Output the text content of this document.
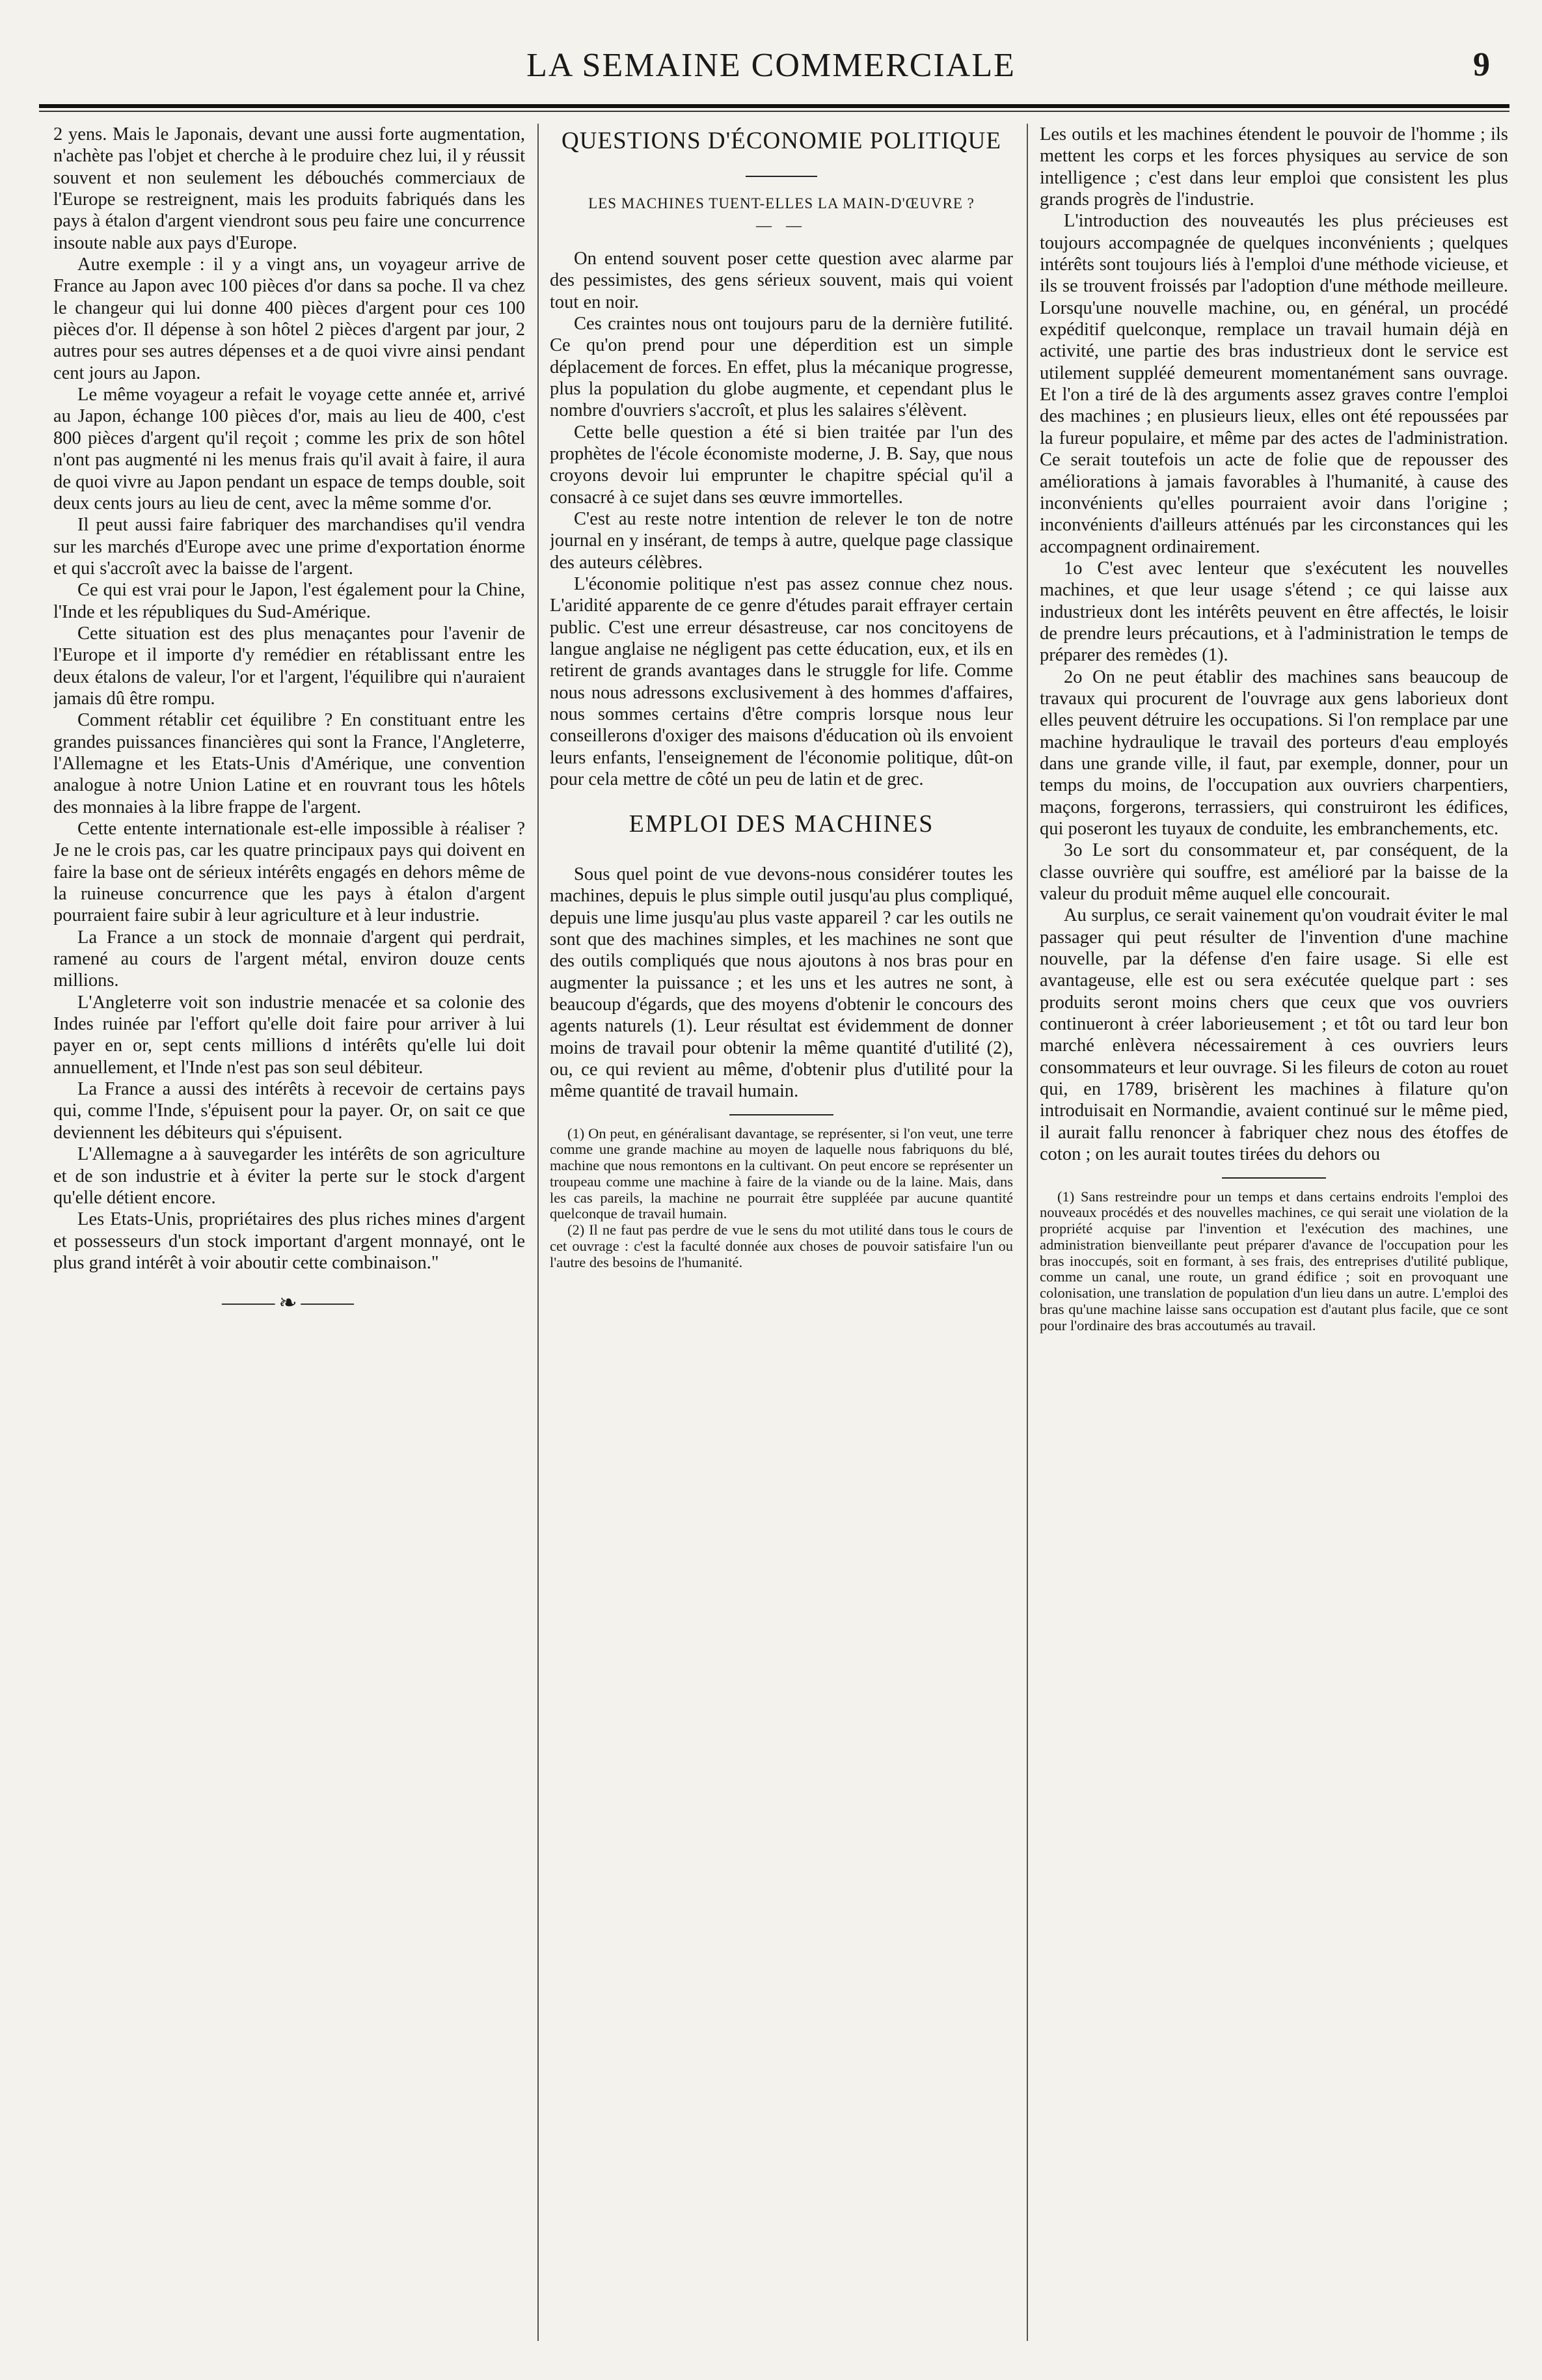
LA SEMAINE COMMERCIALE	9

2 yens. Mais le Japonais, devant une aussi forte augmentation, n'achète pas l'objet et cherche à le produire chez lui, il y réussit souvent et non seulement les débouchés commerciaux de l'Europe se restreignent, mais les produits fabriqués dans les pays à étalon d'argent viendront sous peu faire une concurrence insoute nable aux pays d'Europe.

Autre exemple : il y a vingt ans, un voyageur arrive de France au Japon avec 100 pièces d'or dans sa poche. Il va chez le changeur qui lui donne 400 pièces d'argent pour ces 100 pièces d'or. Il dépense à son hôtel 2 pièces d'argent par jour, 2 autres pour ses autres dépenses et a de quoi vivre ainsi pendant cent jours au Japon.

Le même voyageur a refait le voyage cette année et, arrivé au Japon, échange 100 pièces d'or, mais au lieu de 400, c'est 800 pièces d'argent qu'il reçoit ; comme les prix de son hôtel n'ont pas augmenté ni les menus frais qu'il avait à faire, il aura de quoi vivre au Japon pendant un espace de temps double, soit deux cents jours au lieu de cent, avec la même somme d'or.

Il peut aussi faire fabriquer des marchandises qu'il vendra sur les marchés d'Europe avec une prime d'exportation énorme et qui s'accroît avec la baisse de l'argent.

Ce qui est vrai pour le Japon, l'est également pour la Chine, l'Inde et les républiques du Sud-Amérique.

Cette situation est des plus menaçantes pour l'avenir de l'Europe et il importe d'y remédier en rétablissant entre les deux étalons de valeur, l'or et l'argent, l'équilibre qui n'auraient jamais dû être rompu.

Comment rétablir cet équilibre ? En constituant entre les grandes puissances financières qui sont la France, l'Angleterre, l'Allemagne et les Etats-Unis d'Amérique, une convention analogue à notre Union Latine et en rouvrant tous les hôtels des monnaies à la libre frappe de l'argent.

Cette entente internationale est-elle impossible à réaliser ? Je ne le crois pas, car les quatre principaux pays qui doivent en faire la base ont de sérieux intérêts engagés en dehors même de la ruineuse concurrence que les pays à étalon d'argent pourraient faire subir à leur agriculture et à leur industrie.

La France a un stock de monnaie d'argent qui perdrait, ramené au cours de l'argent métal, environ douze cents millions.

L'Angleterre voit son industrie menacée et sa colonie des Indes ruinée par l'effort qu'elle doit faire pour arriver à lui payer en or, sept cents millions d intérêts qu'elle lui doit annuellement, et l'Inde n'est pas son seul débiteur.

La France a aussi des intérêts à recevoir de certains pays qui, comme l'Inde, s'épuisent pour la payer. Or, on sait ce que deviennent les débiteurs qui s'épuisent.

L'Allemagne a à sauvegarder les intérêts de son agriculture et de son industrie et à éviter la perte sur le stock d'argent qu'elle détient encore.

Les Etats-Unis, propriétaires des plus riches mines d'argent et possesseurs d'un stock important d'argent monnayé, ont le plus grand intérêt à voir aboutir cette combinaison."

⸻❧⸻
QUESTIONS D'ÉCONOMIE POLITIQUE
LES MACHINES TUENT-ELLES LA MAIN-D'ŒUVRE ?
— —

On entend souvent poser cette question avec alarme par des pessimistes, des gens sérieux souvent, mais qui voient tout en noir.

Ces craintes nous ont toujours paru de la dernière futilité. Ce qu'on prend pour une déperdition est un simple déplacement de forces. En effet, plus la mécanique progresse, plus la population du globe augmente, et cependant plus le nombre d'ouvriers s'accroît, et plus les salaires s'élèvent.

Cette belle question a été si bien traitée par l'un des prophètes de l'école économiste moderne, J. B. Say, que nous croyons devoir lui emprunter le chapitre spécial qu'il a consacré à ce sujet dans ses œuvre immortelles.

C'est au reste notre intention de relever le ton de notre journal en y insérant, de temps à autre, quelque page classique des auteurs célèbres.

L'économie politique n'est pas assez connue chez nous. L'aridité apparente de ce genre d'études parait effrayer certain public. C'est une erreur désastreuse, car nos concitoyens de langue anglaise ne négligent pas cette éducation, eux, et ils en retirent de grands avantages dans le struggle for life. Comme nous nous adressons exclusivement à des hommes d'affaires, nous sommes certains d'être compris lorsque nous leur conseillerons d'oxiger des maisons d'éducation où ils envoient leurs enfants, l'enseignement de l'économie politique, dût-on pour cela mettre de côté un peu de latin et de grec.

EMPLOI DES MACHINES

Sous quel point de vue devons-nous considérer toutes les machines, depuis le plus simple outil jusqu'au plus compliqué, depuis une lime jusqu'au plus vaste appareil ? car les outils ne sont que des machines simples, et les machines ne sont que des outils compliqués que nous ajoutons à nos bras pour en augmenter la puissance ; et les uns et les autres ne sont, à beaucoup d'égards, que des moyens d'obtenir le concours des agents naturels (1). Leur résultat est évidemment de donner moins de travail pour obtenir la même quantité d'utilité (2), ou, ce qui revient au même, d'obtenir plus d'utilité pour la même quantité de travail humain.

(1) On peut, en généralisant davantage, se représenter, si l'on veut, une terre comme une grande machine au moyen de laquelle nous fabriquons du blé, machine que nous remontons en la cultivant. On peut encore se représenter un troupeau comme une machine à faire de la viande ou de la laine. Mais, dans les cas pareils, la machine ne pourrait être suppléée par aucune quantité quelconque de travail humain.

(2) Il ne faut pas perdre de vue le sens du mot utilité dans tous le cours de cet ouvrage : c'est la faculté donnée aux choses de pouvoir satisfaire l'un ou l'autre des besoins de l'humanité.

Les outils et les machines étendent le pouvoir de l'homme ; ils mettent les corps et les forces physiques au service de son intelligence ; c'est dans leur emploi que consistent les plus grands progrès de l'industrie.

L'introduction des nouveautés les plus précieuses est toujours accompagnée de quelques inconvénients ; quelques intérêts sont toujours liés à l'emploi d'une méthode vicieuse, et ils se trouvent froissés par l'adoption d'une méthode meilleure. Lorsqu'une nouvelle machine, ou, en général, un procédé expéditif quelconque, remplace un travail humain déjà en activité, une partie des bras industrieux dont le service est utilement suppléé demeurent momentanément sans ouvrage. Et l'on a tiré de là des arguments assez graves contre l'emploi des machines ; en plusieurs lieux, elles ont été repoussées par la fureur populaire, et même par des actes de l'administration. Ce serait toutefois un acte de folie que de repousser des améliorations à jamais favorables à l'humanité, à cause des inconvénients qu'elles pourraient avoir dans l'origine ; inconvénients d'ailleurs atténués par les circonstances qui les accompagnent ordinairement.

1o C'est avec lenteur que s'exécutent les nouvelles machines, et que leur usage s'étend ; ce qui laisse aux industrieux dont les intérêts peuvent en être affectés, le loisir de prendre leurs précautions, et à l'administration le temps de préparer des remèdes (1).

2o On ne peut établir des machines sans beaucoup de travaux qui procurent de l'ouvrage aux gens laborieux dont elles peuvent détruire les occupations. Si l'on remplace par une machine hydraulique le travail des porteurs d'eau employés dans une grande ville, il faut, par exemple, donner, pour un temps du moins, de l'occupation aux ouvriers charpentiers, maçons, forgerons, terrassiers, qui construiront les édifices, qui poseront les tuyaux de conduite, les embranchements, etc.

3o Le sort du consommateur et, par conséquent, de la classe ouvrière qui souffre, est amélioré par la baisse de la valeur du produit même auquel elle concourait.

Au surplus, ce serait vainement qu'on voudrait éviter le mal passager qui peut résulter de l'invention d'une machine nouvelle, par la défense d'en faire usage. Si elle est avantageuse, elle est ou sera exécutée quelque part : ses produits seront moins chers que ceux que vos ouvriers continueront à créer laborieusement ; et tôt ou tard leur bon marché enlèvera nécessairement à ces ouvriers leurs consommateurs et leur ouvrage. Si les fileurs de coton au rouet qui, en 1789, brisèrent les machines à filature qu'on introduisait en Normandie, avaient continué sur le même pied, il aurait fallu renoncer à fabriquer chez nous des étoffes de coton ; on les aurait toutes tirées du dehors ou

(1) Sans restreindre pour un temps et dans certains endroits l'emploi des nouveaux procédés et des nouvelles machines, ce qui serait une violation de la propriété acquise par l'invention et l'exécution des machines, une administration bienveillante peut préparer d'avance de l'occupation pour les bras inoccupés, soit en formant, à ses frais, des entreprises d'utilité publique, comme un canal, une route, un grand édifice ; soit en provoquant une colonisation, une translation de population d'un lieu dans un autre. L'emploi des bras qu'une machine laisse sans occupation est d'autant plus facile, que ce sont pour l'ordinaire des bras accoutumés au travail.
